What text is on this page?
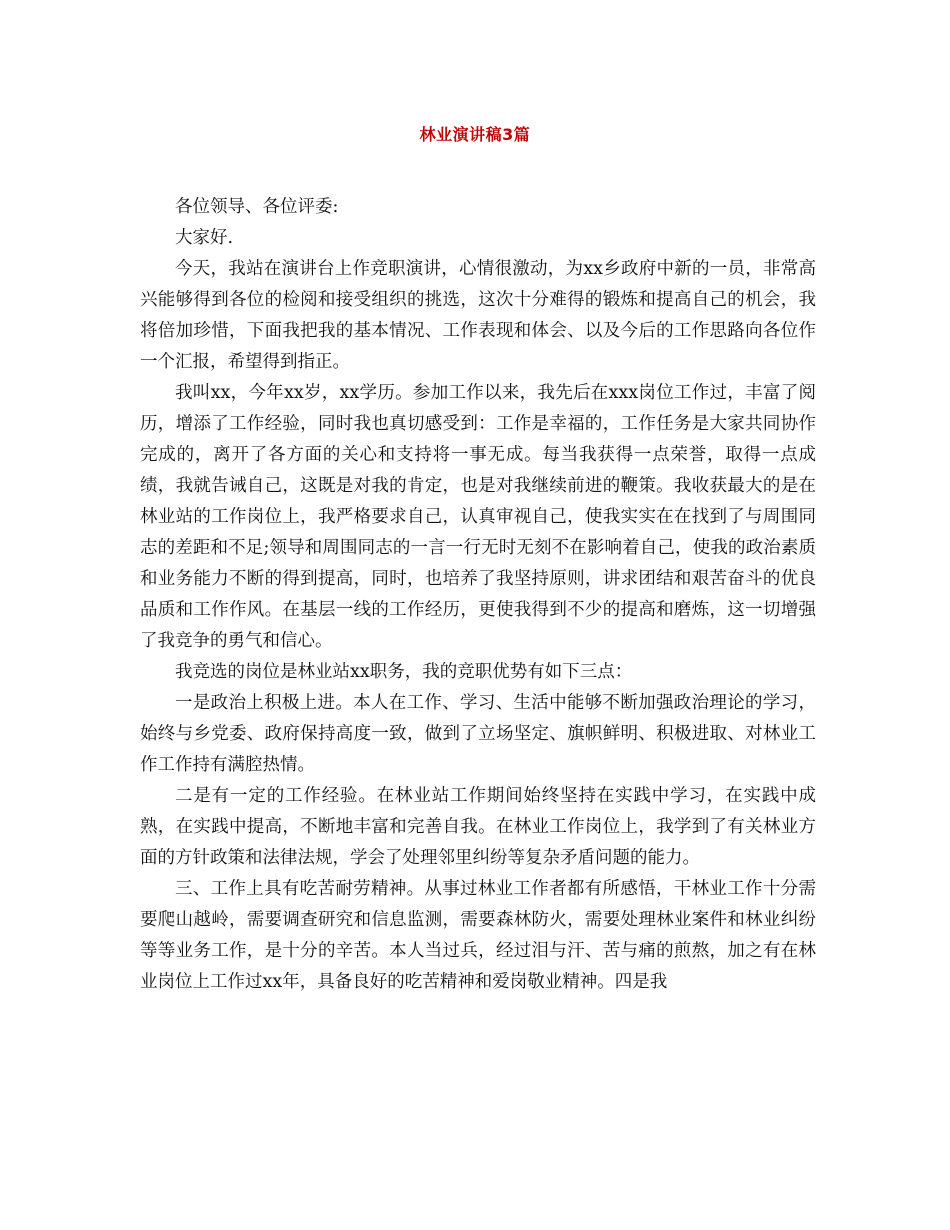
林业演讲稿3篇

各位领导、各位评委:

大家好.

今天，我站在演讲台上作竞职演讲，心情很激动，为xx乡政府中新的一员，非常高兴能够得到各位的检阅和接受组织的挑选，这次十分难得的锻炼和提高自己的机会，我将倍加珍惜，下面我把我的基本情况、工作表现和体会、以及今后的工作思路向各位作一个汇报，希望得到指正。

我叫xx，今年xx岁，xx学历。参加工作以来，我先后在xxx岗位工作过，丰富了阅历，增添了工作经验，同时我也真切感受到：工作是幸福的，工作任务是大家共同协作完成的，离开了各方面的关心和支持将一事无成。每当我获得一点荣誉，取得一点成绩，我就告诫自己，这既是对我的肯定，也是对我继续前进的鞭策。我收获最大的是在林业站的工作岗位上，我严格要求自己，认真审视自己，使我实实在在找到了与周围同志的差距和不足;领导和周围同志的一言一行无时无刻不在影响着自己，使我的政治素质和业务能力不断的得到提高，同时，也培养了我坚持原则，讲求团结和艰苦奋斗的优良品质和工作作风。在基层一线的工作经历，更使我得到不少的提高和磨炼，这一切增强了我竞争的勇气和信心。

我竞选的岗位是林业站xx职务，我的竞职优势有如下三点：

一是政治上积极上进。本人在工作、学习、生活中能够不断加强政治理论的学习，始终与乡党委、政府保持高度一致，做到了立场坚定、旗帜鲜明、积极进取、对林业工作工作持有满腔热情。

二是有一定的工作经验。在林业站工作期间始终坚持在实践中学习，在实践中成熟，在实践中提高，不断地丰富和完善自我。在林业工作岗位上，我学到了有关林业方面的方针政策和法律法规，学会了处理邻里纠纷等复杂矛盾问题的能力。

三、工作上具有吃苦耐劳精神。从事过林业工作者都有所感悟，干林业工作十分需要爬山越岭，需要调查研究和信息监测，需要森林防火，需要处理林业案件和林业纠纷等等业务工作，是十分的辛苦。本人当过兵，经过泪与汗、苦与痛的煎熬，加之有在林业岗位上工作过xx年，具备良好的吃苦精神和爱岗敬业精神。四是我
